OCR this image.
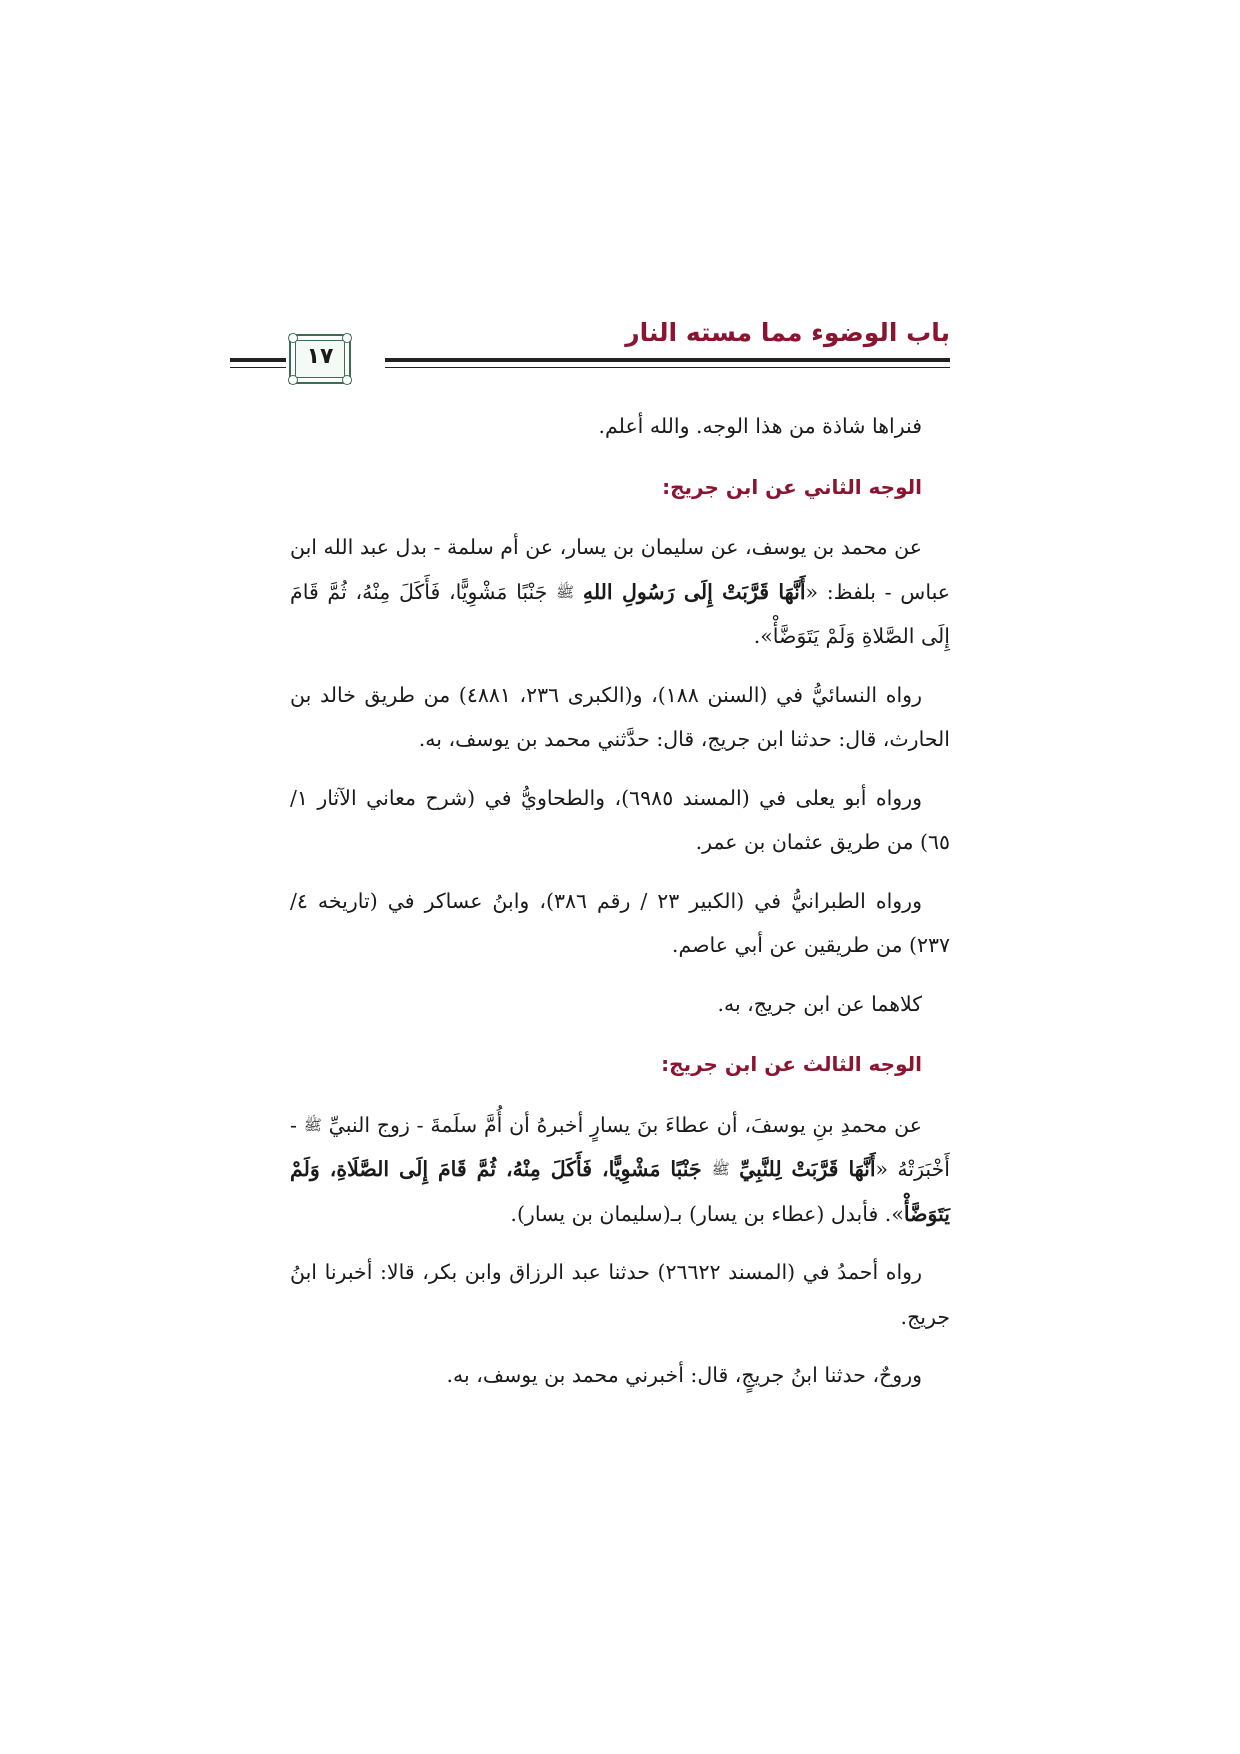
باب الوضوء مما مسته النار
١٧

فنراها شاذة من هذا الوجه. والله أعلم.

الوجه الثاني عن ابن جريج:

عن محمد بن يوسف، عن سليمان بن يسار، عن أم سلمة - بدل عبد الله ابن عباس - بلفظ: «أَنَّهَا قَرَّبَتْ إِلَى رَسُولِ اللهِ ﷺ جَنْبًا مَشْوِيًّا، فَأَكَلَ مِنْهُ، ثُمَّ قَامَ إِلَى الصَّلاةِ وَلَمْ يَتَوَضَّأْ».

رواه النسائيُّ في (السنن ١٨٨)، و(الكبرى ٢٣٦، ٤٨٨١) من طريق خالد بن الحارث، قال: حدثنا ابن جريج، قال: حدَّثني محمد بن يوسف، به.

ورواه أبو يعلى في (المسند ٦٩٨٥)، والطحاويُّ في (شرح معاني الآثار ١/ ٦٥) من طريق عثمان بن عمر.

ورواه الطبرانيُّ في (الكبير ٢٣ / رقم ٣٨٦)، وابنُ عساكر في (تاريخه ٤/ ٢٣٧) من طريقين عن أبي عاصم.

كلاهما عن ابن جريج، به.

الوجه الثالث عن ابن جريج:

عن محمدِ بنِ يوسفَ، أن عطاءَ بنَ يسارٍ أخبرهُ أن أُمَّ سلَمةَ - زوج النبيِّ ﷺ - أَخْبَرَتْهُ «أَنَّهَا قَرَّبَتْ لِلنَّبِيِّ ﷺ جَنْبًا مَشْوِيًّا، فَأَكَلَ مِنْهُ، ثُمَّ قَامَ إِلَى الصَّلَاةِ، وَلَمْ يَتَوَضَّأْ». فأبدل (عطاء بن يسار) بـ(سليمان بن يسار).

رواه أحمدُ في (المسند ٢٦٦٢٢) حدثنا عبد الرزاق وابن بكر، قالا: أخبرنا ابنُ جريج.

وروحٌ، حدثنا ابنُ جريجٍ، قال: أخبرني محمد بن يوسف، به.
